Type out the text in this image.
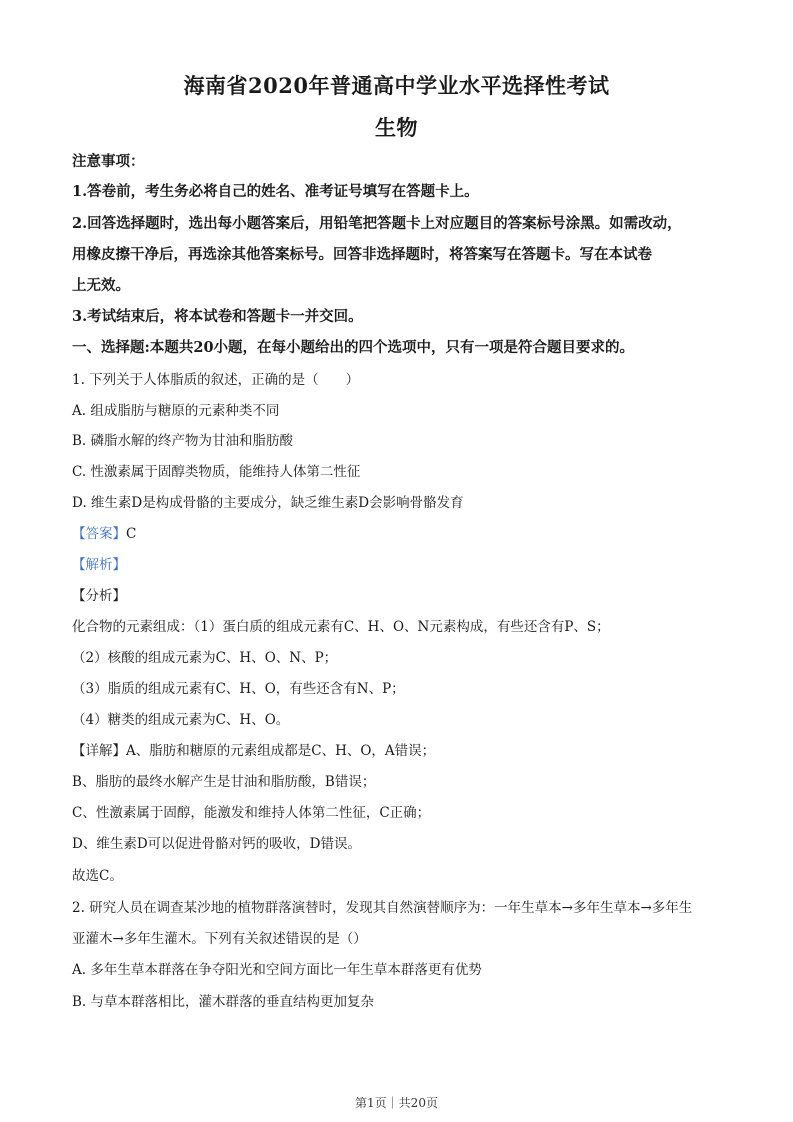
海南省2020年普通高中学业水平选择性考试
生物
注意事项：
1.答卷前，考生务必将自己的姓名、准考证号填写在答题卡上。
2.回答选择题时，选出每小题答案后，用铅笔把答题卡上对应题目的答案标号涂黑。如需改动，
用橡皮擦干净后，再选涂其他答案标号。回答非选择题时，将答案写在答题卡。写在本试卷
上无效。
3.考试结束后，将本试卷和答题卡一并交回。
一、选择题:本题共20小题，在每小题给出的四个选项中，只有一项是符合题目要求的。
1. 下列关于人体脂质的叙述，正确的是（　　）
A. 组成脂肪与糖原的元素种类不同
B. 磷脂水解的终产物为甘油和脂肪酸
C. 性激素属于固醇类物质，能维持人体第二性征
D. 维生素D是构成骨骼的主要成分，缺乏维生素D会影响骨骼发育
【答案】C
【解析】
【分析】
化合物的元素组成：（1）蛋白质的组成元素有C、H、O、N元素构成，有些还含有P、S；
（2）核酸的组成元素为C、H、O、N、P；
（3）脂质的组成元素有C、H、O，有些还含有N、P；
（4）糖类的组成元素为C、H、O。
【详解】A、脂肪和糖原的元素组成都是C、H、O，A错误；
B、脂肪的最终水解产生是甘油和脂肪酸，B错误；
C、性激素属于固醇，能激发和维持人体第二性征，C正确；
D、维生素D可以促进骨骼对钙的吸收，D错误。
故选C。
2. 研究人员在调查某沙地的植物群落演替时，发现其自然演替顺序为：一年生草本→多年生草本→多年生
亚灌木→多年生灌木。下列有关叙述错误的是（）
A. 多年生草本群落在争夺阳光和空间方面比一年生草本群落更有优势
B. 与草本群落相比，灌木群落的垂直结构更加复杂
第1页｜共20页
